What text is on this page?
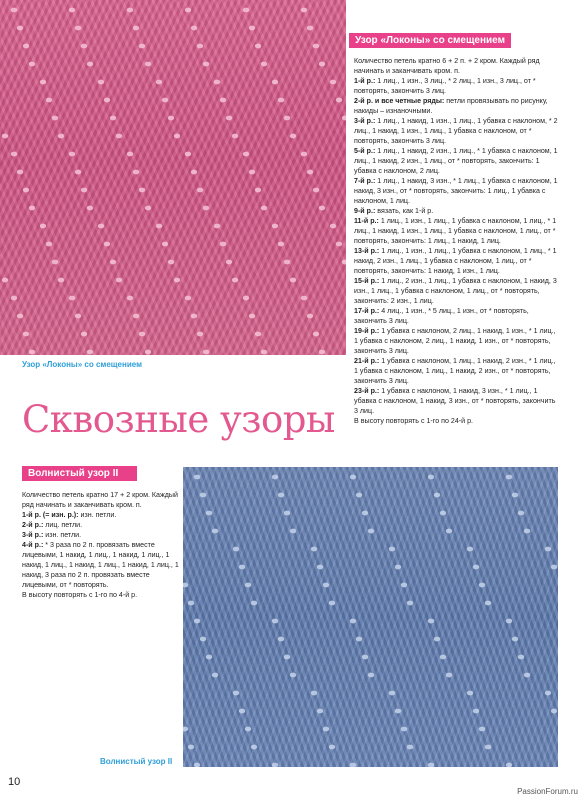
Узор «Локоны» со смещением
Узор «Локоны» со смещением

Количество петель кратно 6 + 2 п. + 2 кром. Каждый ряд начинать и заканчивать кром. п.

1-й р.: 1 лиц., 1 изн., 3 лиц., * 2 лиц., 1 изн., 3 лиц., от * повторять, закончить 3 лиц.

2-й р. и все четные ряды: петли провязывать по рисунку, накиды – изнаночными.

3-й р.: 1 лиц., 1 накид, 1 изн., 1 лиц., 1 убавка с наклоном, * 2 лиц., 1 накид, 1 изн., 1 лиц., 1 убавка с наклоном, от * повторять, закончить 3 лиц.

5-й р.: 1 лиц., 1 накид, 2 изн., 1 лиц., * 1 убавка с наклоном, 1 лиц., 1 накид, 2 изн., 1 лиц., от * повторять, закончить: 1 убавка с наклоном, 2 лиц.

7-й р.: 1 лиц., 1 накид, 3 изн., * 1 лиц., 1 убавка с наклоном, 1 накид, 3 изн., от * повторять, закончить: 1 лиц., 1 убавка с наклоном, 1 лиц.

9-й р.: вязать, как 1-й р.

11-й р.: 1 лиц., 1 изн., 1 лиц., 1 убавка с наклоном, 1 лиц., * 1 лиц., 1 накид, 1 изн., 1 лиц., 1 убавка с наклоном, 1 лиц., от * повторять, закончить: 1 лиц., 1 накид, 1 лиц.

13-й р.: 1 лиц., 1 изн., 1 лиц., 1 убавка с наклоном, 1 лиц., * 1 накид, 2 изн., 1 лиц., 1 убавка с наклоном, 1 лиц., от * повторять, закончить: 1 накид, 1 изн., 1 лиц.

15-й р.: 1 лиц., 2 изн., 1 лиц., 1 убавка с наклоном, 1 накид, 3 изн., 1 лиц., 1 убавка с наклоном, 1 лиц., от * повторять, закончить: 2 изн., 1 лиц.

17-й р.: 4 лиц., 1 изн., * 5 лиц., 1 изн., от * повторять, закончить 3 лиц.

19-й р.: 1 убавка с наклоном, 2 лиц., 1 накид, 1 изн., * 1 лиц., 1 убавка с наклоном, 2 лиц., 1 накид, 1 изн., от * повторять, закончить 3 лиц.

21-й р.: 1 убавка с наклоном, 1 лиц., 1 накид, 2 изн., * 1 лиц., 1 убавка с наклоном, 1 лиц., 1 накид, 2 изн., от * повторять, закончить 3 лиц.

23-й р.: 1 убавка с наклоном, 1 накид, 3 изн., * 1 лиц., 1 убавка с наклоном, 1 накид, 3 изн., от * повторять, закончить 3 лиц.

В высоту повторять с 1-го по 24-й р.

Сквозные узоры
Волнистый узор II

Количество петель кратно 17 + 2 кром. Каждый ряд начинать и заканчивать кром. п.

1-й р. (= изн. р.): изн. петли.

2-й р.: лиц. петли.

3-й р.: изн. петли.

4-й р.: * 3 раза по 2 п. провязать вместе лицевыми, 1 накид, 1 лиц., 1 накид, 1 лиц., 1 накид, 1 лиц., 1 накид, 1 лиц., 1 накид, 1 лиц., 1 накид, 3 раза по 2 п. провязать вместе лицевыми, от * повторять.

В высоту повторять с 1-го по 4-й р.

Волнистый узор II
10
PassionForum.ru
